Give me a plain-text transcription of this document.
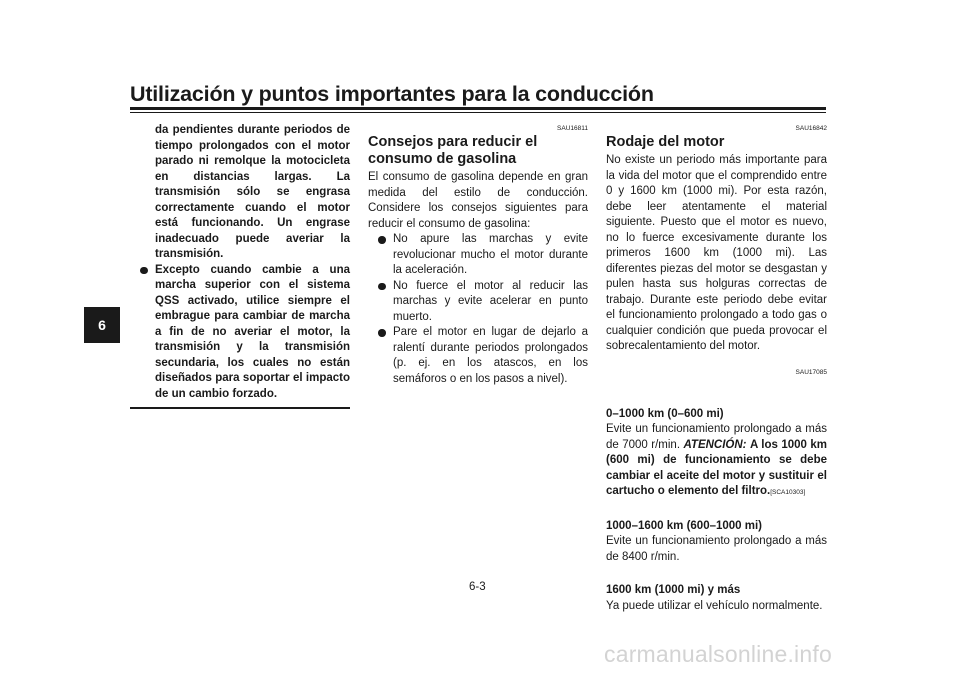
Utilización y puntos importantes para la conducción
6

da pendientes durante periodos de tiempo prolongados con el motor parado ni remolque la motocicleta en distancias largas. La transmisión sólo se engrasa correctamente cuando el motor está funcionando. Un engrase inadecuado puede averiar la transmisión.

Excepto cuando cambie a una marcha superior con el sistema QSS activado, utilice siempre el embrague para cambiar de marcha a fin de no averiar el motor, la transmisión y la transmisión secundaria, los cuales no están diseñados para soportar el impacto de un cambio forzado.
SAU16811
Consejos para reducir el consumo de gasolina

El consumo de gasolina depende en gran medida del estilo de conducción. Considere los consejos siguientes para reducir el consumo de gasolina:

No apure las marchas y evite revolucionar mucho el motor durante la aceleración.
No fuerce el motor al reducir las marchas y evite acelerar en punto muerto.
Pare el motor en lugar de dejarlo a ralentí durante periodos prolongados (p. ej. en los atascos, en los semáforos o en los pasos a nivel).
SAU16842
Rodaje del motor

No existe un periodo más importante para la vida del motor que el comprendido entre 0 y 1600 km (1000 mi). Por esta razón, debe leer atentamente el material siguiente. Puesto que el motor es nuevo, no lo fuerce excesivamente durante los primeros 1600 km (1000 mi). Las diferentes piezas del motor se desgastan y pulen hasta sus holguras correctas de trabajo. Durante este periodo debe evitar el funcionamiento prolongado a todo gas o cualquier condición que pueda provocar el sobrecalentamiento del motor.

SAU17085
0–1000 km (0–600 mi)

Evite un funcionamiento prolongado a más de 7000 r/min. ATENCIÓN: A los 1000 km (600 mi) de funcionamiento se debe cambiar el aceite del motor y sustituir el cartucho o elemento del filtro.[SCA10303]

1000–1600 km (600–1000 mi)

Evite un funcionamiento prolongado a más de 8400 r/min.

1600 km (1000 mi) y más

Ya puede utilizar el vehículo normalmente.

6-3
carmanualsonline.info
